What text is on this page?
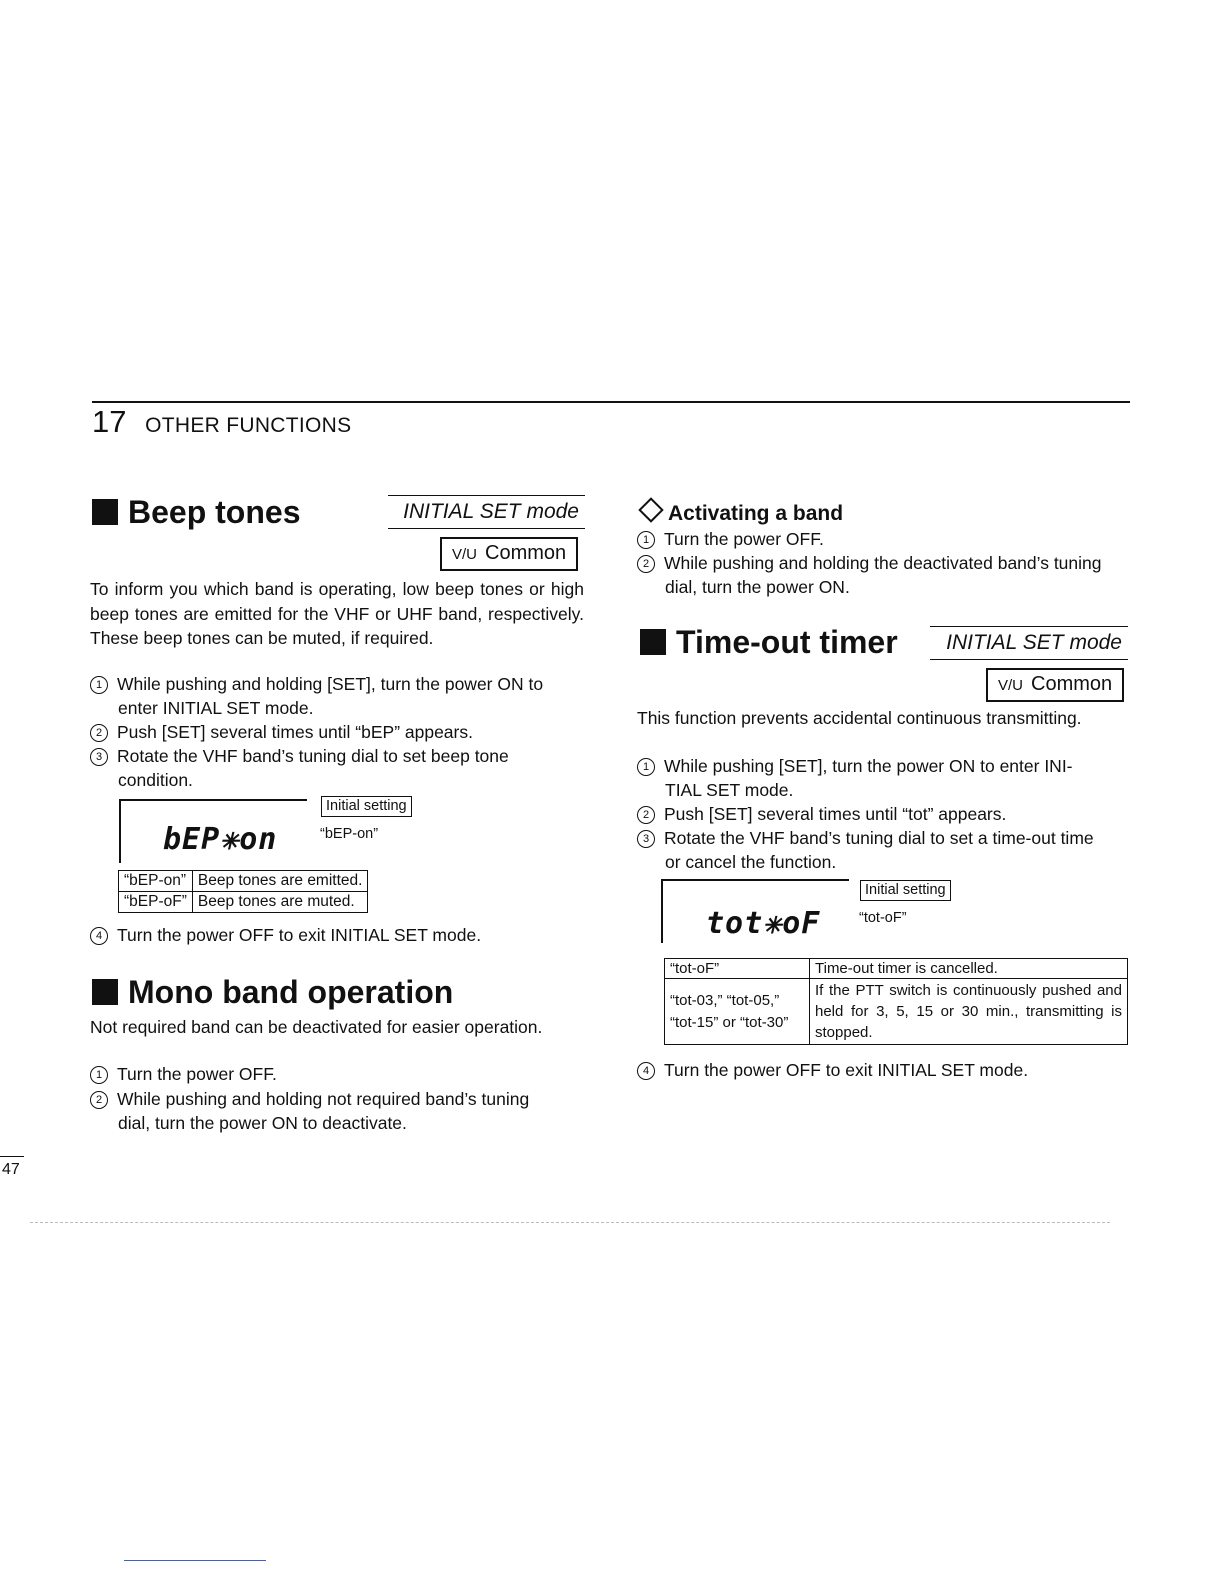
17 OTHER FUNCTIONS
Beep tones	INITIAL SET mode
V/U Common
To inform you which band is operating, low beep tones or high beep tones are emitted for the VHF or UHF band, respectively. These beep tones can be muted, if required.
1 While pushing and holding [SET], turn the power ON to
enter INITIAL SET mode.
2 Push [SET] several times until “bEP” appears.
3 Rotate the VHF band’s tuning dial to set beep tone
condition.
bEP✳on
Initial setting
“bEP-on”
“bEP-on”	Beep tones are emitted.
“bEP-oF”	Beep tones are muted.
4 Turn the power OFF to exit INITIAL SET mode.
Mono band operation
Not required band can be deactivated for easier operation.
1 Turn the power OFF.
2 While pushing and holding not required band’s tuning
dial, turn the power ON to deactivate.
Activating a band
1 Turn the power OFF.
2 While pushing and holding the deactivated band’s tuning
dial, turn the power ON.
Time-out timer	INITIAL SET mode
V/U Common
This function prevents accidental continuous transmitting.
1 While pushing [SET], turn the power ON to enter INI-
TIAL SET mode.
2 Push [SET] several times until “tot” appears.
3 Rotate the VHF band’s tuning dial to set a time-out time
or cancel the function.
tot✳oF
Initial setting
“tot-oF”
“tot-oF”	Time-out timer is cancelled.
“tot-03,” “tot-05,” “tot-15” or “tot-30”	If the PTT switch is continuously pushed and held for 3, 5, 15 or 30 min., transmitting is stopped.
4 Turn the power OFF to exit INITIAL SET mode.
47
